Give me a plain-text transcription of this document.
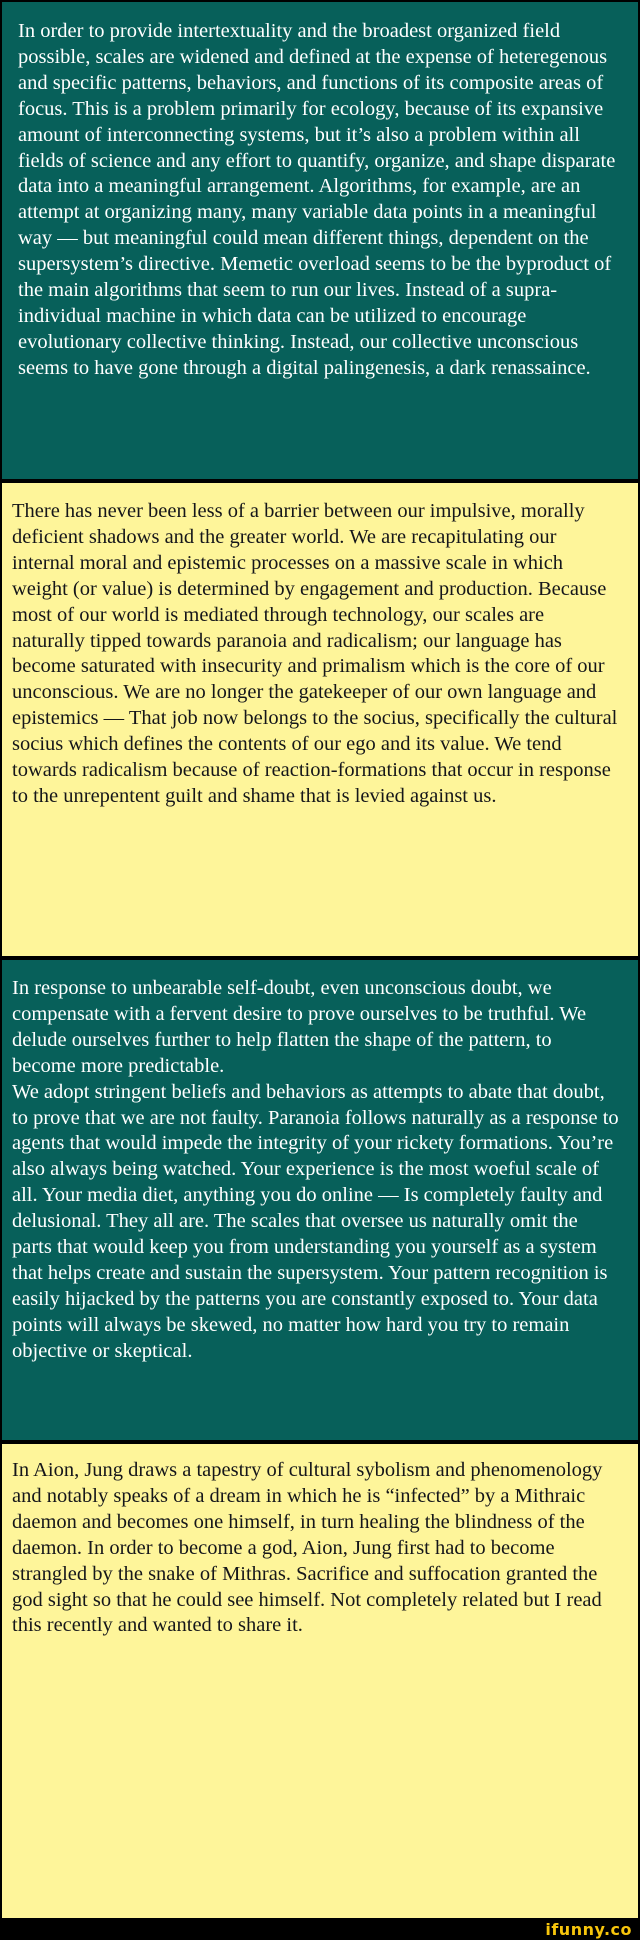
In order to provide intertextuality and the broadest organized field possible, scales are widened and defined at the expense of heteregenous and specific patterns, behaviors, and functions of its composite areas of focus. This is a problem primarily for ecology, because of its expansive amount of interconnecting systems, but it’s also a problem within all fields of science and any effort to quantify, organize, and shape disparate data into a meaningful arrangement. Algorithms, for example, are an attempt at organizing many, many variable data points in a meaningful way — but meaningful could mean different things, dependent on the supersystem’s directive. Memetic overload seems to be the byproduct of the main algorithms that seem to run our lives. Instead of a supra-individual machine in which data can be utilized to encourage evolutionary collective thinking. Instead, our collective unconscious seems to have gone through a digital palingenesis, a dark renassaince.

There has never been less of a barrier between our impulsive, morally deficient shadows and the greater world. We are recapitulating our internal moral and epistemic processes on a massive scale in which weight (or value) is determined by engagement and production. Because most of our world is mediated through technology, our scales are naturally tipped towards paranoia and radicalism; our language has become saturated with insecurity and primalism which is the core of our unconscious. We are no longer the gatekeeper of our own language and epistemics — That job now belongs to the socius, specifically the cultural socius which defines the contents of our ego and its value. We tend towards radicalism because of reaction-formations that occur in response to the unrepentent guilt and shame that is levied against us.

In response to unbearable self-doubt, even unconscious doubt, we compensate with a fervent desire to prove ourselves to be truthful. We delude ourselves further to help flatten the shape of the pattern, to become more predictable.

We adopt stringent beliefs and behaviors as attempts to abate that doubt, to prove that we are not faulty. Paranoia follows naturally as a response to agents that would impede the integrity of your rickety formations. You’re also always being watched. Your experience is the most woeful scale of all. Your media diet, anything you do online — Is completely faulty and delusional. They all are. The scales that oversee us naturally omit the parts that would keep you from understanding you yourself as a system that helps create and sustain the supersystem. Your pattern recognition is easily hijacked by the patterns you are constantly exposed to. Your data points will always be skewed, no matter how hard you try to remain objective or skeptical.

In Aion, Jung draws a tapestry of cultural sybolism and phenomenology and notably speaks of a dream in which he is “infected” by a Mithraic daemon and becomes one himself, in turn healing the blindness of the daemon. In order to become a god, Aion, Jung first had to become strangled by the snake of Mithras. Sacrifice and suffocation granted the god sight so that he could see himself. Not completely related but I read this recently and wanted to share it.

ifunny.co
